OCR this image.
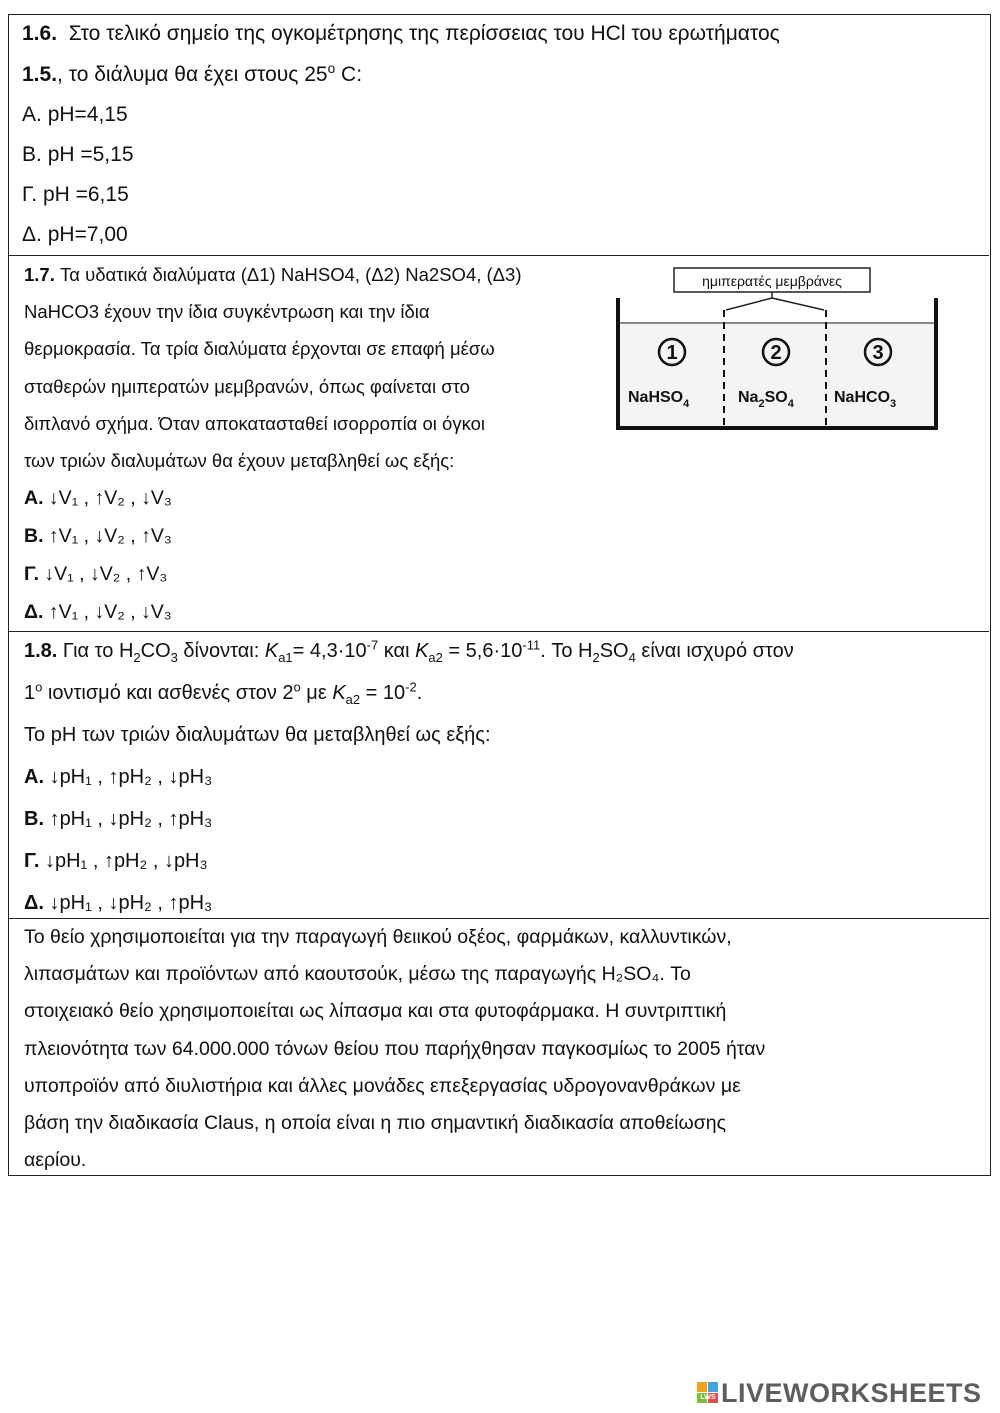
1.6. Στο τελικό σημείο της ογκομέτρησης της περίσσειας του HCl του ερωτήματος
1.5., το διάλυμα θα έχει στους $25^o$ C:
Α. pH=4,15
Β. pH =5,15
Γ. pH =6,15
Δ. pH=7,00
1.7. Τα υδατικά διαλύματα (Δ1) NaHSO4, (Δ2) Na2SO4, (Δ3)
NaHCO3 έχουν την ίδια συγκέντρωση και την ίδια
θερμοκρασία. Τα τρία διαλύματα έρχονται σε επαφή μέσω
σταθερών ημιπερατών μεμβρανών, όπως φαίνεται στο
διπλανό σχήμα. Όταν αποκατασταθεί ισορροπία οι όγκοι
των τριών διαλυμάτων θα έχουν μεταβληθεί ως εξής:
Α. ↓V₁ , ↑V₂ , ↓V₃
Β. ↑V₁ , ↓V₂ , ↑V₃
Γ. ↓V₁ , ↓V₂ , ↑V₃
Δ. ↑V₁ , ↓V₂ , ↓V₃
ημιπερατές μεμβράνες
1	2	3
NaHSO$_4$	$Na_2SO_4$	NaHCO$_3$
1.8. Για το $H_2CO_3$ δίνονται: $K_{a1}= 4,3\cdot 10^{-7}$ και $K_{a2} = 5,6\cdot 10^{-11}$. Το $H_2SO_4$ είναι ισχυρό στον
$1^o$ ιοντισμό και ασθενές στον $2^o$ με $K_{a2} = 10^{-2}$.
Το pH των τριών διαλυμάτων θα μεταβληθεί ως εξής:
Α. ↓pH₁ , ↑pH₂ , ↓pH₃
Β. ↑pH₁ , ↓pH₂ , ↑pH₃
Γ. ↓pH₁ , ↑pH₂ , ↓pH₃
Δ. ↓pH₁ , ↓pH₂ , ↑pH₃
Το θείο χρησιμοποιείται για την παραγωγή θειικού οξέος, φαρμάκων, καλλυντικών,
λιπασμάτων και προϊόντων από καουτσούκ, μέσω της παραγωγής H₂SO₄. Το
στοιχειακό θείο χρησιμοποιείται ως λίπασμα και στα φυτοφάρμακα. Η συντριπτική
πλειονότητα των 64.000.000 τόνων θείου που παρήχθησαν παγκοσμίως το 2005 ήταν
υποπροϊόν από διυλιστήρια και άλλες μονάδες επεξεργασίας υδρογονανθράκων με
βάση την διαδικασία Claus, η οποία είναι η πιο σημαντική διαδικασία αποθείωσης
αερίου.
LWS LIVEWORKSHEETS
